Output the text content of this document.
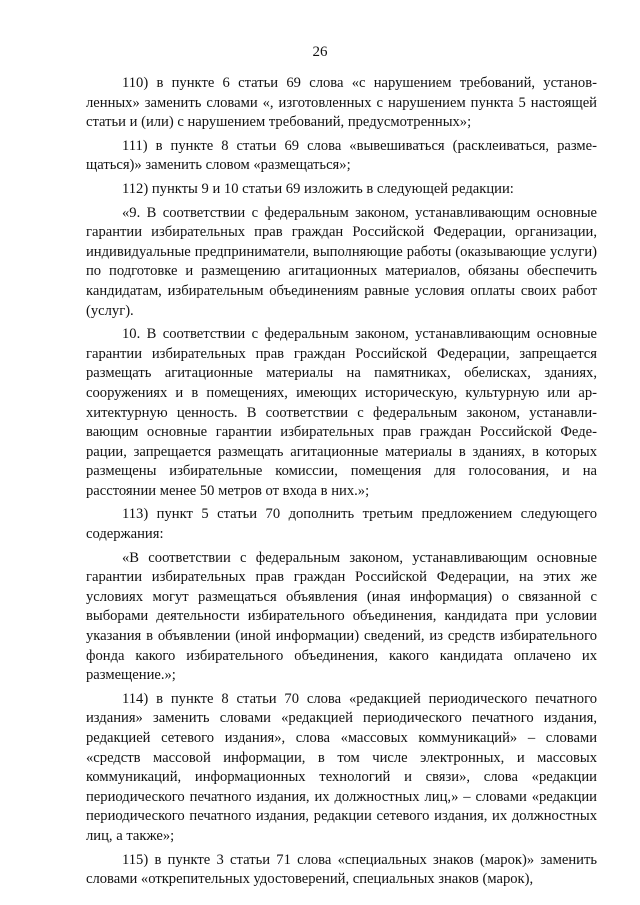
26

110) в пункте 6 статьи 69 слова «с нарушением требований, установленных» заменить словами «, изготовленных с нарушением пункта 5 настоящей статьи и (или) с нарушением требований, предусмотренных»;

111) в пункте 8 статьи 69 слова «вывешиваться (расклеиваться, размещаться)» заменить словом «размещаться»;

112) пункты 9 и 10 статьи 69 изложить в следующей редакции:

«9. В соответствии с федеральным законом, устанавливающим основные гарантии избирательных прав граждан Российской Федерации, организации, индивидуальные предприниматели, выполняющие работы (оказывающие услуги) по подготовке и размещению агитационных материалов, обязаны обеспечить кандидатам, избирательным объединениям равные условия оплаты своих работ (услуг).

10. В соответствии с федеральным законом, устанавливающим основные гарантии избирательных прав граждан Российской Федерации, запрещается размещать агитационные материалы на памятниках, обелисках, зданиях, сооружениях и в помещениях, имеющих историческую, культурную или архитектурную ценность. В соответствии с федеральным законом, устанавливающим основные гарантии избирательных прав граждан Российской Федерации, запрещается размещать агитационные материалы в зданиях, в которых размещены избирательные комиссии, помещения для голосования, и на расстоянии менее 50 метров от входа в них.»;

113) пункт 5 статьи 70 дополнить третьим предложением следующего содержания:

«В соответствии с федеральным законом, устанавливающим основные гарантии избирательных прав граждан Российской Федерации, на этих же условиях могут размещаться объявления (иная информация) о связанной с выборами деятельности избирательного объединения, кандидата при условии указания в объявлении (иной информации) сведений, из средств избирательного фонда какого избирательного объединения, какого кандидата оплачено их размещение.»;

114) в пункте 8 статьи 70 слова «редакцией периодического печатного издания» заменить словами «редакцией периодического печатного издания, редакцией сетевого издания», слова «массовых коммуникаций» – словами «средств массовой информации, в том числе электронных, и массовых коммуникаций, информационных технологий и связи», слова «редакции периодического печатного издания, их должностных лиц,» – словами «редакции периодического печатного издания, редакции сетевого издания, их должностных лиц, а также»;

115) в пункте 3 статьи 71 слова «специальных знаков (марок)» заменить словами «открепительных удостоверений, специальных знаков (марок),
